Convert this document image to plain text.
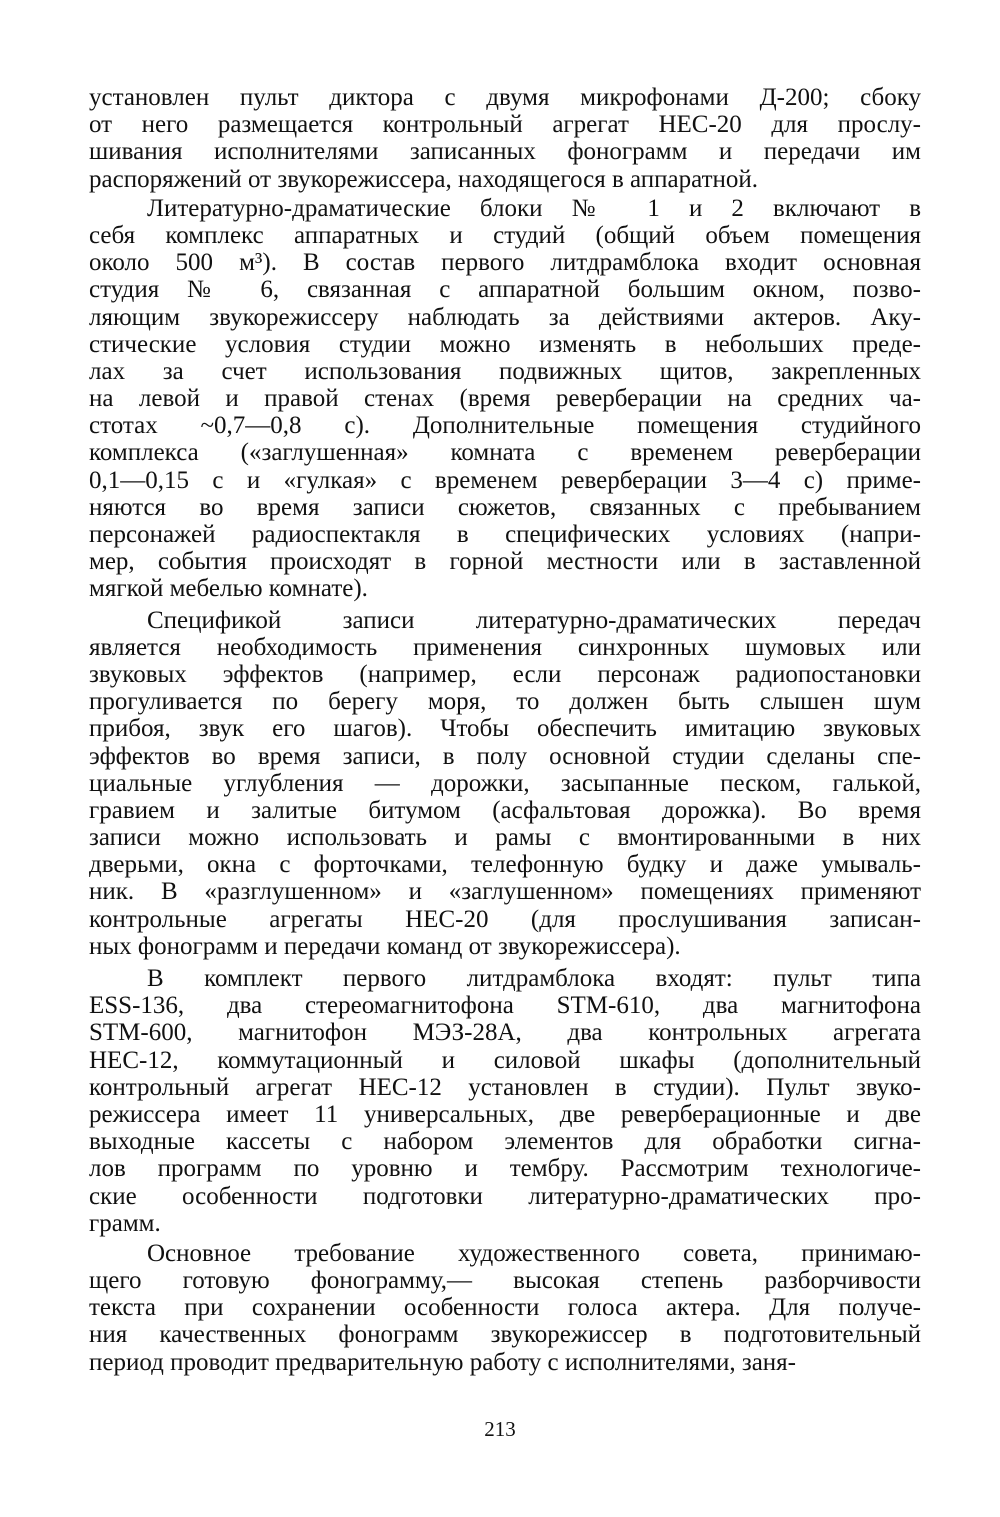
установлен пульт диктора с двумя микрофонами Д-200; сбоку
от него размещается контрольный агрегат НЕС-20 для прослу-
шивания исполнителями записанных фонограмм и передачи им
распоряжений от звукорежиссера, находящегося в аппаратной.
Литературно-драматические блоки № 1 и 2 включают в
себя комплекс аппаратных и студий (общий объем помещения
около 500 м³). В состав первого литдрамблока входит основная
студия № 6, связанная с аппаратной большим окном, позво-
ляющим звукорежиссеру наблюдать за действиями актеров. Аку-
стические условия студии можно изменять в небольших преде-
лах за счет использования подвижных щитов, закрепленных
на левой и правой стенах (время реверберации на средних ча-
стотах ~0,7—0,8 с). Дополнительные помещения студийного
комплекса («заглушенная» комната с временем реверберации
0,1—0,15 с и «гулкая» с временем реверберации 3—4 с) приме-
няются во время записи сюжетов, связанных с пребыванием
персонажей радиоспектакля в специфических условиях (напри-
мер, события происходят в горной местности или в заставленной
мягкой мебелью комнате).
Спецификой записи литературно-драматических передач
является необходимость применения синхронных шумовых или
звуковых эффектов (например, если персонаж радиопостановки
прогуливается по берегу моря, то должен быть слышен шум
прибоя, звук его шагов). Чтобы обеспечить имитацию звуковых
эффектов во время записи, в полу основной студии сделаны спе-
циальные углубления — дорожки, засыпанные песком, галькой,
гравием и залитые битумом (асфальтовая дорожка). Во время
записи можно использовать и рамы с вмонтированными в них
дверьми, окна с форточками, телефонную будку и даже умываль-
ник. В «разглушенном» и «заглушенном» помещениях применяют
контрольные агрегаты НЕС-20 (для прослушивания записан-
ных фонограмм и передачи команд от звукорежиссера).
В комплект первого литдрамблока входят: пульт типа
ESS-136, два стереомагнитофона STM-610, два магнитофона
STM-600, магнитофон МЭЗ-28А, два контрольных агрегата
НЕС-12, коммутационный и силовой шкафы (дополнительный
контрольный агрегат НЕС-12 установлен в студии). Пульт звуко-
режиссера имеет 11 универсальных, две реверберационные и две
выходные кассеты с набором элементов для обработки сигна-
лов программ по уровню и тембру. Рассмотрим технологиче-
ские особенности подготовки литературно-драматических про-
грамм.
Основное требование художественного совета, принимаю-
щего готовую фонограмму,— высокая степень разборчивости
текста при сохранении особенности голоса актера. Для получе-
ния качественных фонограмм звукорежиссер в подготовительный
период проводит предварительную работу с исполнителями, заня-
213
